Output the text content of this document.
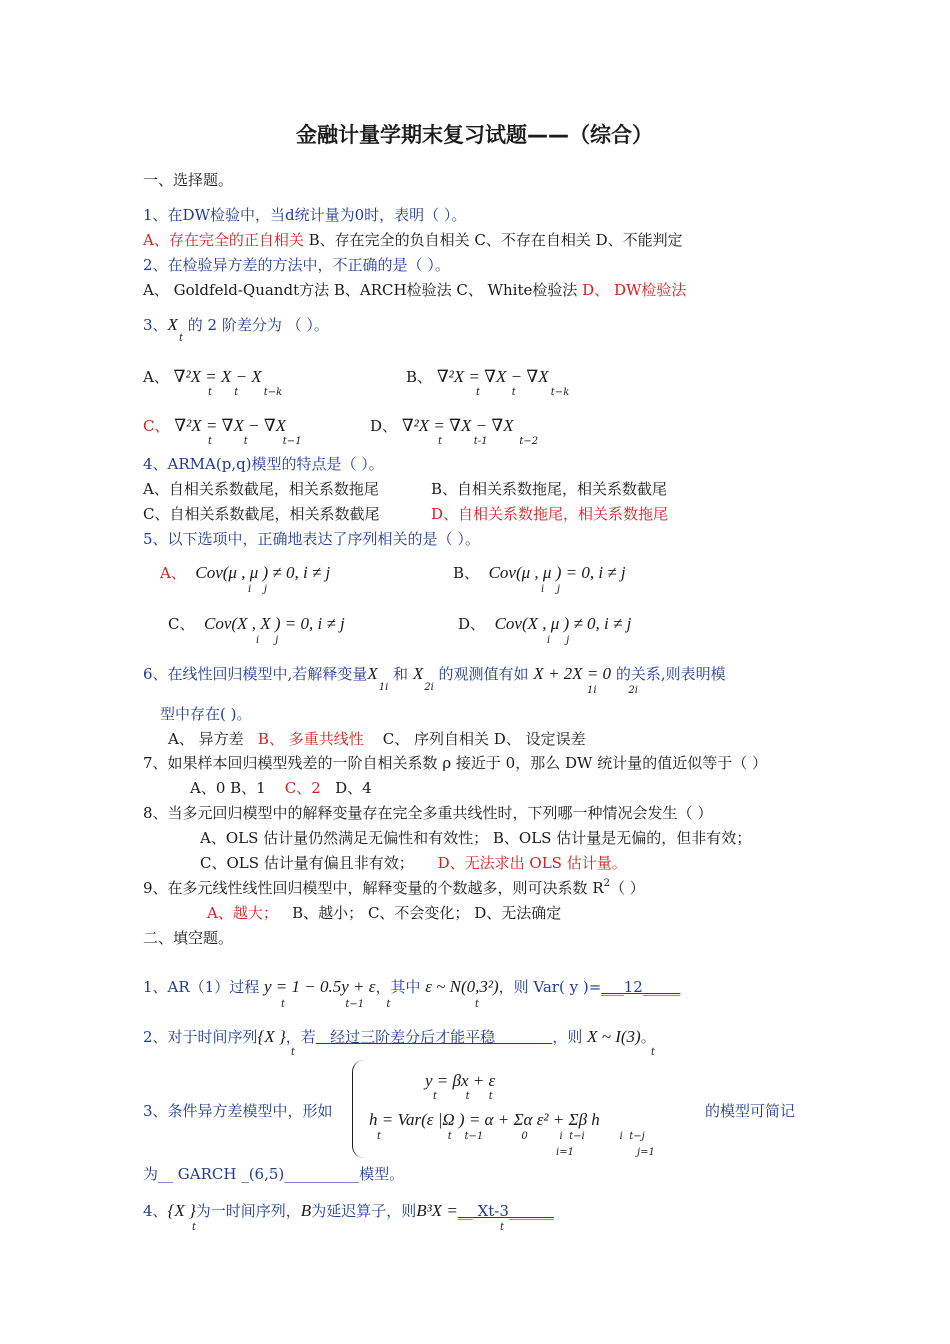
金融计量学期末复习试题——（综合）
一、选择题。
1、在DW检验中，当d统计量为0时，表明（ ）。
A、存在完全的正自相关 B、存在完全的负自相关 C、不存在自相关 D、不能判定
2、在检验异方差的方法中，不正确的是（ ）。
A、 Goldfeld-Quandt方法 B、ARCH检验法 C、 White检验法 D、 DW检验法
3、$X_t$ 的 2 阶差分为 （ ）。
A、 ∇²X = X − X
t       t        t−k
B、 ∇²X = ∇X − ∇X
t          t           t−k
C、 ∇²X = ∇X − ∇X
t          t           t−1
D、 ∇²X = ∇X − ∇X
t          t-1          t−2
4、ARMA(p,q)模型的特点是（ ）。
A、自相关系数截尾，相关系数拖尾	B、自相关系数拖尾，相关系数截尾
C、自相关系数截尾，相关系数截尾	D、自相关系数拖尾，相关系数拖尾
5、以下选项中，正确地表达了序列相关的是（ ）。
A、 Cov(μ , μ ) ≠ 0, i ≠ j
i    j
B、 Cov(μ , μ ) = 0, i ≠ j
i    j
C、 Cov(X , X ) = 0, i ≠ j
i     j
D、 Cov(X , μ ) ≠ 0, i ≠ j
i     j
6、在线性回归模型中,若解释变量$X_{1i}$ 和 $X_{2i}$ 的观测值有如 X + 2X = 0 的关系,则表明模
1i          2i
型中存在( )。
A、 异方差 B、 多重共线性 C、 序列自相关 D、 设定误差
7、如果样本回归模型残差的一阶自相关系数 ρ 接近于 0，那么 DW 统计量的值近似等于（ ）
A、0 B、1 C、2 D、4
8、当多元回归模型中的解释变量存在完全多重共线性时，下列哪一种情况会发生（ ）
A、OLS 估计量仍然满足无偏性和有效性； B、OLS 估计量是无偏的，但非有效；
C、OLS 估计量有偏且非有效； D、无法求出 OLS 估计量。
9、在多元线性线性回归模型中，解释变量的个数越多，则可决系数 $R^2$（ ）
A、越大； B、越小； C、不会变化； D、无法确定
二、填空题。
1、AR（1）过程 y = 1 − 0.5y + ε，其中 ε ~ N(0,3²)，则 Var( y )=___12_____
t                   t−1       t	t
2、对于时间序列{X }，若   经过三阶差分后才能平稳            ，则 X ~ I(3)。
t	t
3、条件异方差模型中，形如
y = βx + ε
t         t      t
h = Var(ε |Ω ) = α + Σα ε² + Σβ h
t                     t    t−1            0          i  t−i           i  t−j
i=1	j=1
的模型可简记
为__ GARCH _(6,5)__________模型。
4、{X }为一时间序列，B为延迟算子，则B³X =__ Xt-3______
t	t
